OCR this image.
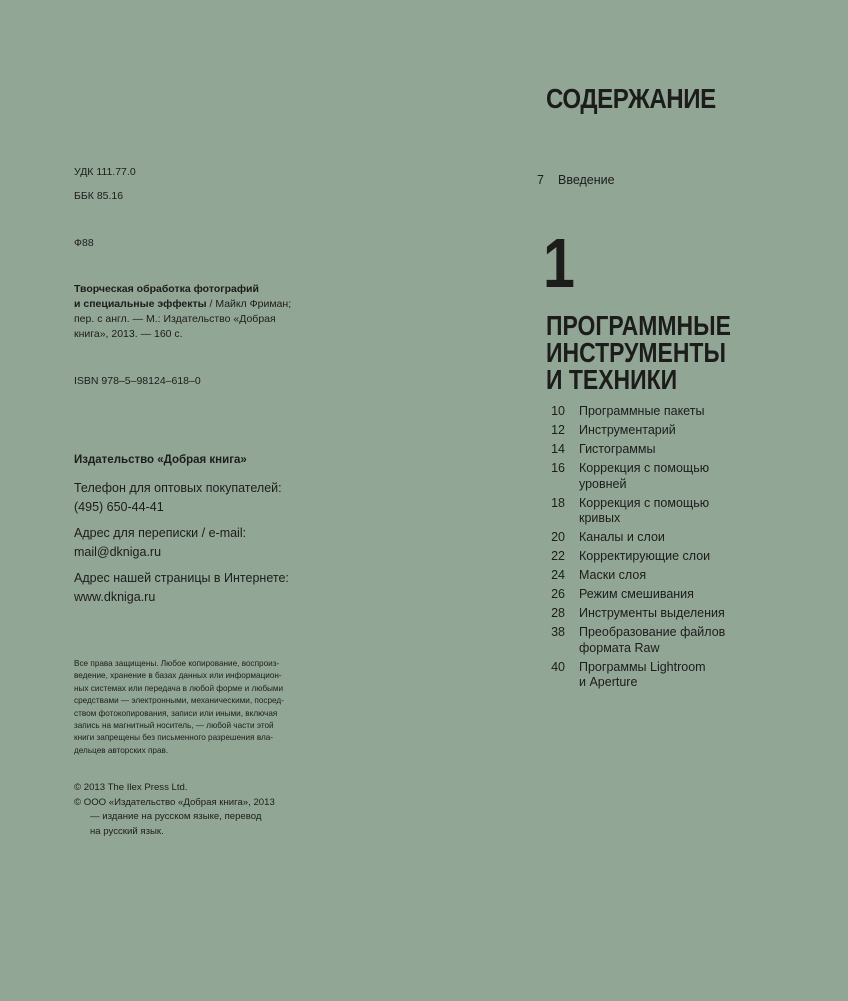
УДК 111.77.0
ББК 85.16
Ф88
Творческая обработка фотографий
и специальные эффекты / Майкл Фриман;
пер. с англ. — М.: Издательство «Добрая
книга», 2013. — 160 с.
ISBN 978–5–98124–618–0
Издательство «Добрая книга»
Телефон для оптовых покупателей:
(495) 650-44-41
Адрес для переписки / e-mail:
mail@dkniga.ru
Адрес нашей страницы в Интернете:
www.dkniga.ru
Все права защищены. Любое копирование, воспроиз-
ведение, хранение в базах данных или информацион-
ных системах или передача в любой форме и любыми
средствами — электронными, механическими, посред-
ством фотокопирования, записи или иными, включая
запись на магнитный носитель, — любой части этой
книги запрещены без письменного разрешения вла-
дельцев авторских прав.
© 2013 The Ilex Press Ltd.
© ООО «Издательство «Добрая книга», 2013
— издание на русском языке, перевод
на русский язык.
СОДЕРЖАНИЕ
7	Введение
1
ПРОГРАММНЫЕ
ИНСТРУМЕНТЫ
И ТЕХНИКИ
10	Программные пакеты
12	Инструментарий
14	Гистограммы
16	Коррекция с помощью
уровней
18	Коррекция с помощью
кривых
20	Каналы и слои
22	Корректирующие слои
24	Маски слоя
26	Режим смешивания
28	Инструменты выделения
38	Преобразование файлов
формата Raw
40	Программы Lightroom
и Aperture
